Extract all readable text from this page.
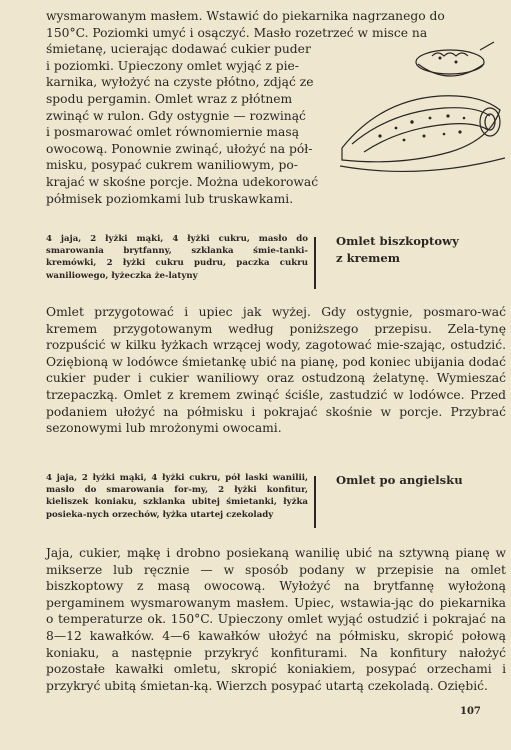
wysmarowanym masłem. Wstawić do piekarnika nagrzanego do
150°C. Poziomki umyć i osączyć. Masło rozetrzeć w misce na
śmietanę, ucierając dodawać cukier puder
i poziomki. Upieczony omlet wyjąć z pie-
karnika, wyłożyć na czyste płótno, zdjąć ze
spodu pergamin. Omlet wraz z płótnem
zwinąć w rulon. Gdy ostygnie — rozwinąć
i posmarować omlet równomiernie masą
owocową. Ponownie zwinąć, ułożyć na pół-
misku, posypać cukrem waniliowym, po-
krajać w skośne porcje. Można udekorować
półmisek poziomkami lub truskawkami.

4 jaja, 2 łyżki mąki, 4 łyżki cukru, masło do smarowania brytfanny, szklanka śmie-tanki-kremówki, 2 łyżki cukru pudru, paczka cukru waniliowego, łyżeczka że-latyny

Omlet biszkoptowy
z kremem

Omlet przygotować i upiec jak wyżej. Gdy ostygnie, posmaro-wać kremem przygotowanym według poniższego przepisu. Zela-tynę rozpuścić w kilku łyżkach wrzącej wody, zagotować mie-szając, ostudzić. Oziębioną w lodówce śmietankę ubić na pianę, pod koniec ubijania dodać cukier puder i cukier waniliowy oraz ostudzoną żelatynę. Wymieszać trzepaczką. Omlet z kremem zwinąć ściśle, zastudzić w lodówce. Przed podaniem ułożyć na półmisku i pokrajać skośnie w porcje. Przybrać sezonowymi lub mrożonymi owocami.

4 jaja, 2 łyżki mąki, 4 łyżki cukru, pół laski wanilii, masło do smarowania for-my, 2 łyżki konfitur, kieliszek koniaku, szklanka ubitej śmietanki, łyżka posieka-nych orzechów, łyżka utartej czekolady

Omlet po angielsku

Jaja, cukier, mąkę i drobno posiekaną wanilię ubić na sztywną pianę w mikserze lub ręcznie — w sposób podany w przepisie na omlet biszkoptowy z masą owocową. Wyłożyć na brytfannę wyłożoną pergaminem wysmarowanym masłem. Upiec, wstawia-jąc do piekarnika o temperaturze ok. 150°C. Upieczony omlet wyjąć ostudzić i pokrajać na 8—12 kawałków. 4—6 kawałków ułożyć na półmisku, skropić połową koniaku, a następnie przykryć konfiturami. Na konfitury nałożyć pozostałe kawałki omletu, skropić koniakiem, posypać orzechami i przykryć ubitą śmietan-ką. Wierzch posypać utartą czekoladą. Oziębić.

107
